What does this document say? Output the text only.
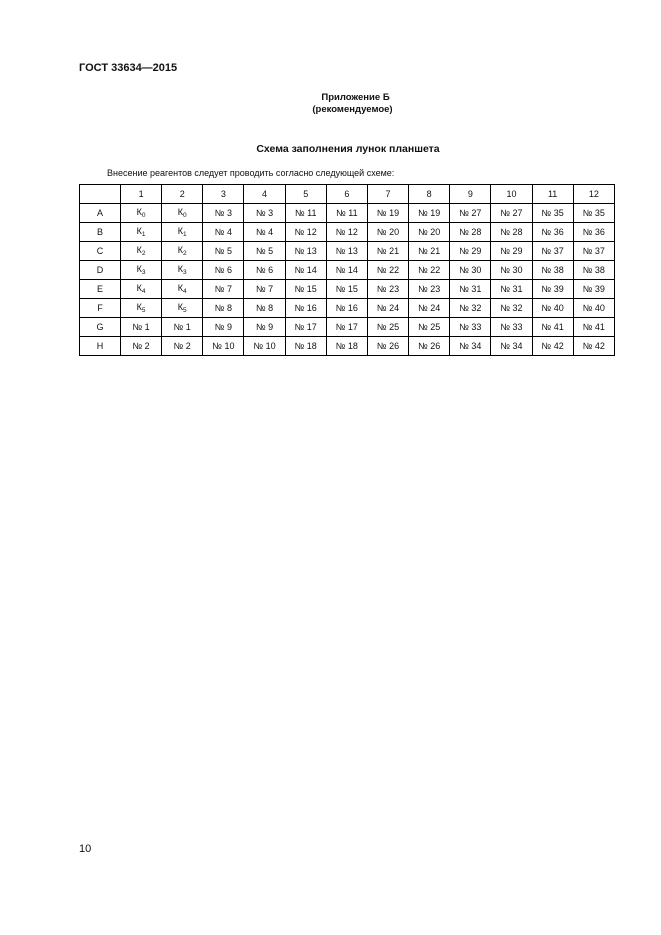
ГОСТ 33634—2015
Приложение Б
(рекомендуемое)
Схема заполнения лунок планшета
Внесение реагентов следует проводить согласно следующей схеме:
	1	2	3	4	5	6	7	8	9	10	11	12
A	$К_0$	$К_0$	№ 3	№ 3	№ 11	№ 11	№ 19	№ 19	№ 27	№ 27	№ 35	№ 35
B	$К_1$	$К_1$	№ 4	№ 4	№ 12	№ 12	№ 20	№ 20	№ 28	№ 28	№ 36	№ 36
C	$К_2$	$К_2$	№ 5	№ 5	№ 13	№ 13	№ 21	№ 21	№ 29	№ 29	№ 37	№ 37
D	$К_3$	$К_3$	№ 6	№ 6	№ 14	№ 14	№ 22	№ 22	№ 30	№ 30	№ 38	№ 38
E	$К_4$	$К_4$	№ 7	№ 7	№ 15	№ 15	№ 23	№ 23	№ 31	№ 31	№ 39	№ 39
F	$К_5$	$К_5$	№ 8	№ 8	№ 16	№ 16	№ 24	№ 24	№ 32	№ 32	№ 40	№ 40
G	№ 1	№ 1	№ 9	№ 9	№ 17	№ 17	№ 25	№ 25	№ 33	№ 33	№ 41	№ 41
H	№ 2	№ 2	№ 10	№ 10	№ 18	№ 18	№ 26	№ 26	№ 34	№ 34	№ 42	№ 42
10
